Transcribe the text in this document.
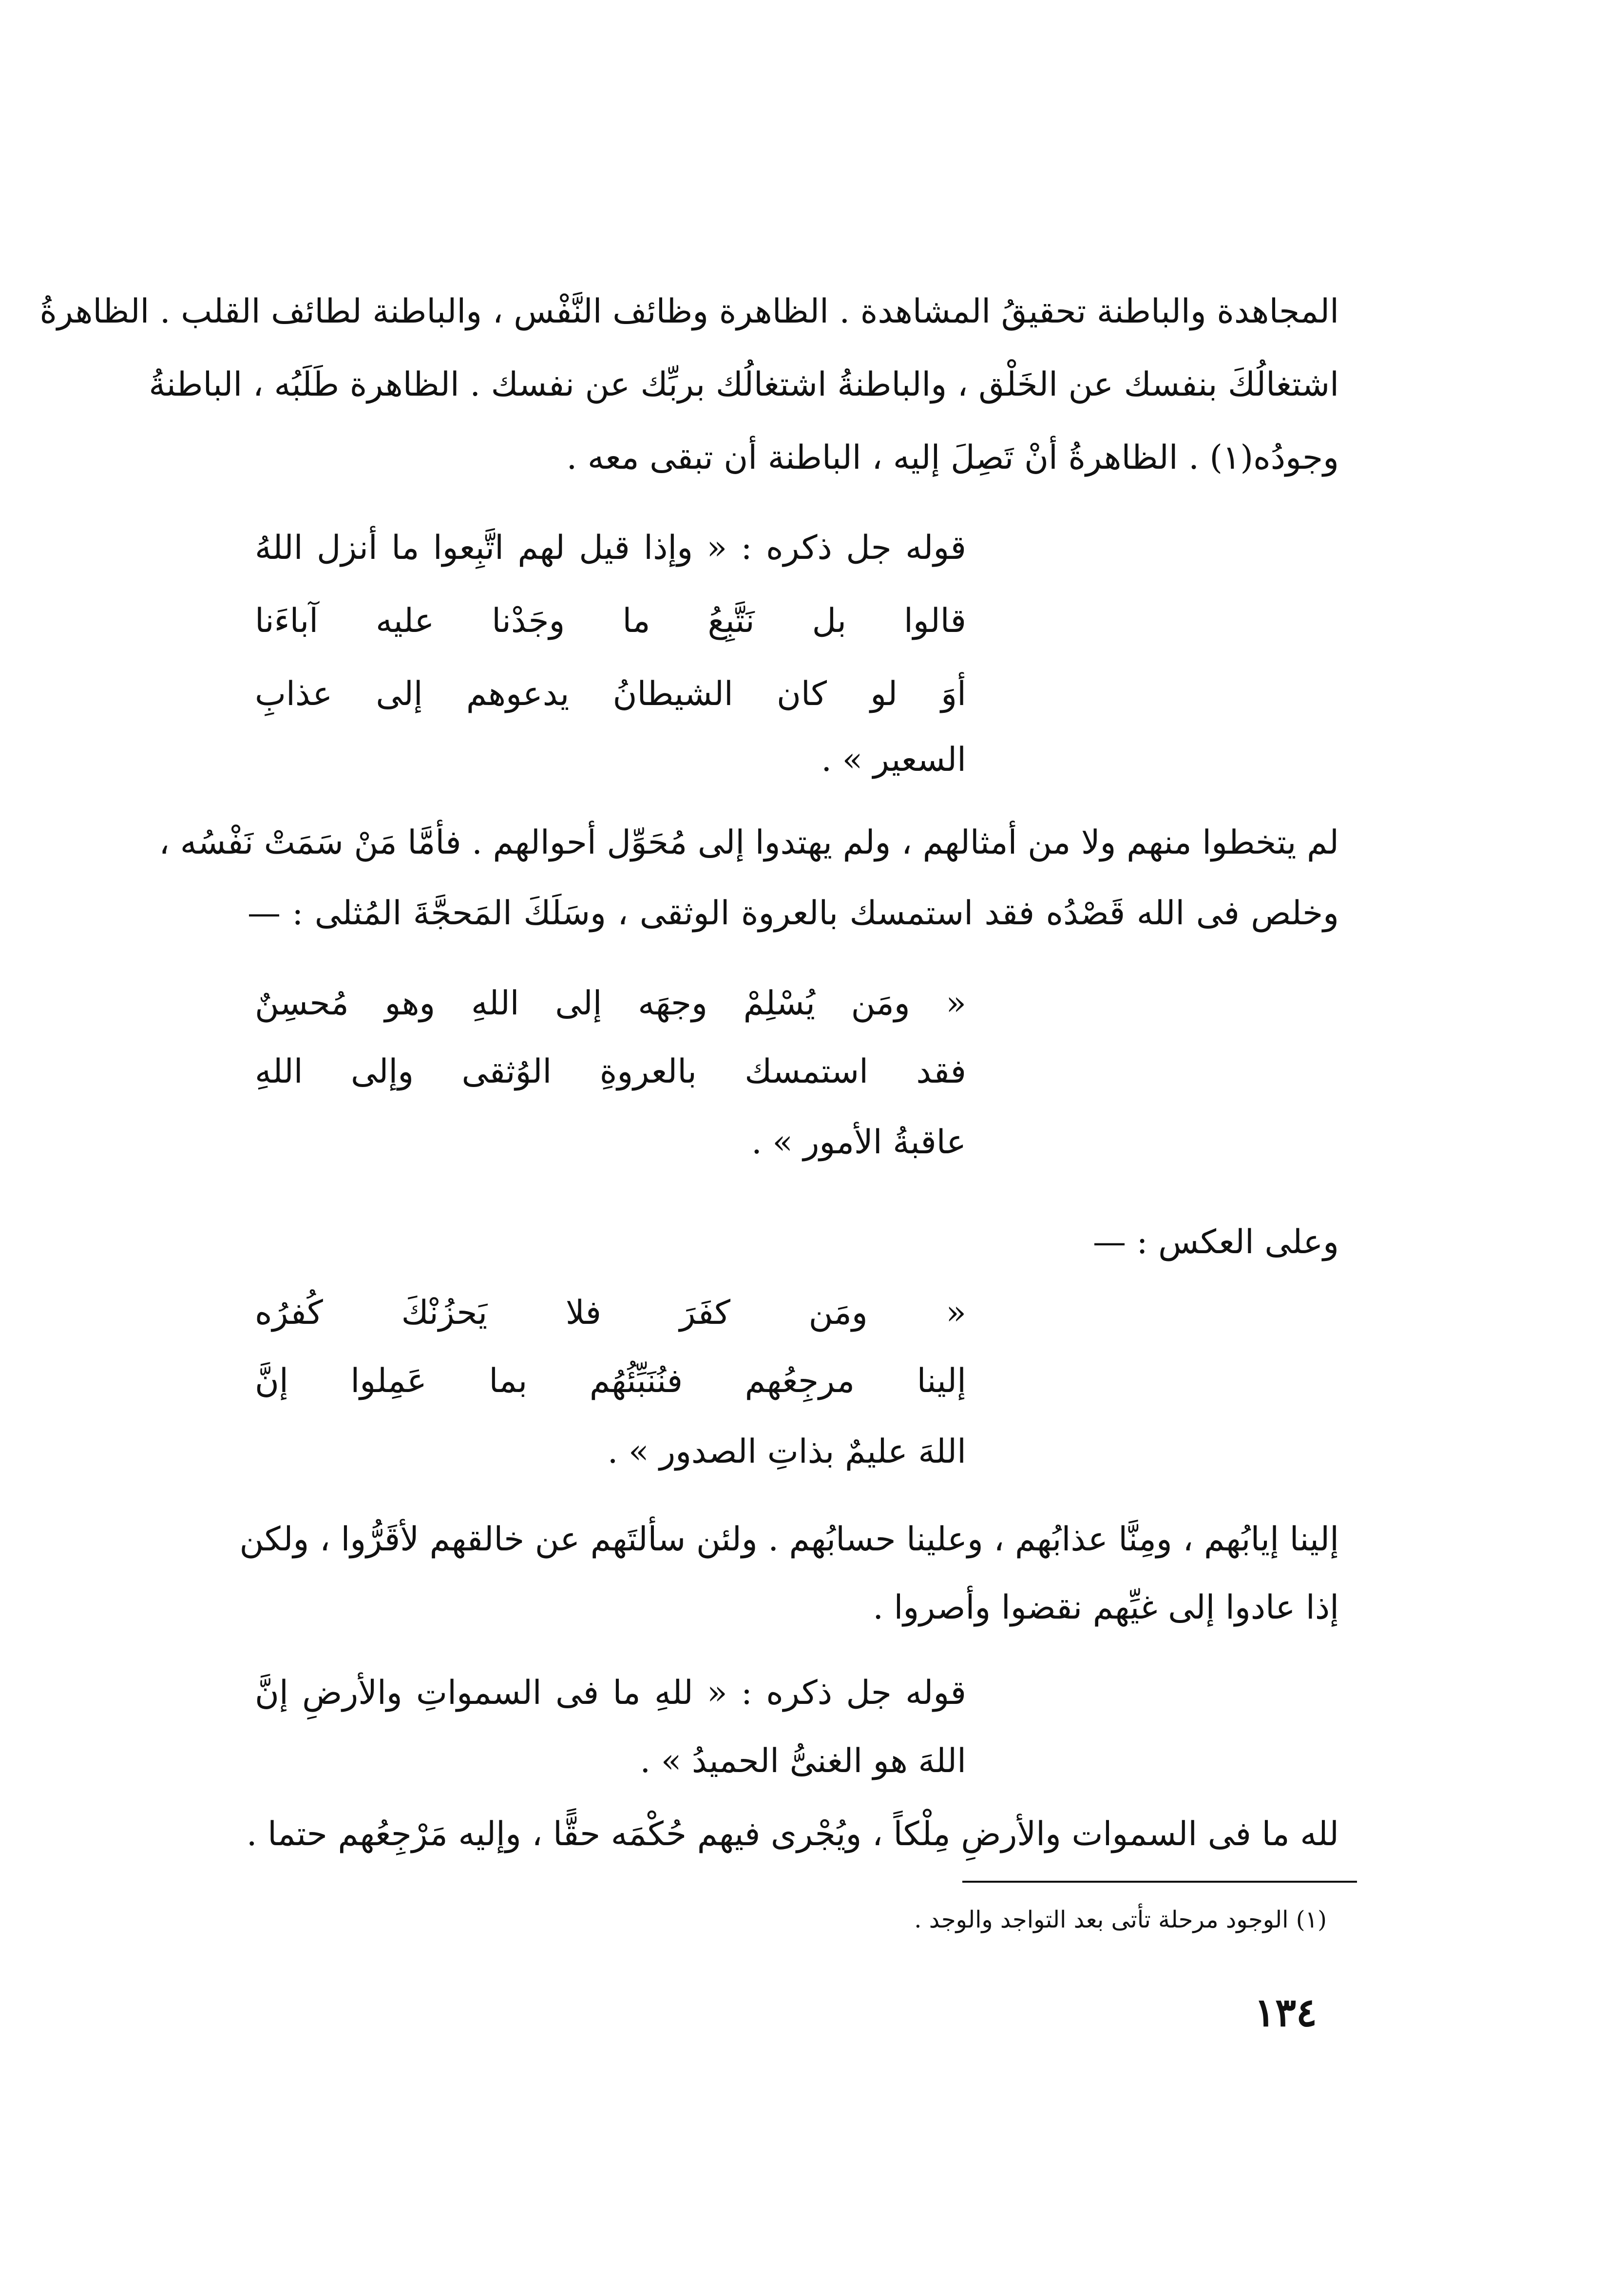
المجاهدة والباطنة تحقيقُ المشاهدة . الظاهرة وظائف النَّفْس ، والباطنة لطائف القلب . الظاهرةُ
اشتغالُكَ بنفسك عن الخَلْق ، والباطنةُ اشتغالُك بربِّك عن نفسك . الظاهرة طَلَبُه ، الباطنةُ
وجودُه(١) . الظاهرةُ أنْ تَصِلَ إليه ، الباطنة أن تبقى معه .
قوله جل ذكره : « وإذا قيل لهم اتَّبِعوا ما أنزل اللهُ
قالوا بل نَتَّبِعُ ما وجَدْنا عليه آباءَنا
أوَ لو كان الشيطانُ يدعوهم إلى عذابِ
السعير » .
لم يتخطوا منهم ولا من أمثالهم ، ولم يهتدوا إلى مُحَوِّل أحوالهم . فأمَّا مَنْ سَمَتْ نَفْسُه ،
وخلص فى الله قَصْدُه فقد استمسك بالعروة الوثقى ، وسَلَكَ المَحجَّةَ المُثلى : —
« ومَن يُسْلِمْ وجهَه إلى اللهِ وهو مُحسِنٌ
فقد استمسك بالعروةِ الوُثقى وإلى اللهِ
عاقبةُ الأمور » .
وعلى العكس : —
« ومَن كفَرَ فلا يَحزُنْكَ كُفرُه
إلينا مرجِعُهم فنُنَبِّئُهُم بما عَمِلوا إنَّ
اللهَ عليمٌ بذاتِ الصدور » .
إلينا إيابُهم ، ومِنَّا عذابُهم ، وعلينا حسابُهم . ولئن سألتَهم عن خالقهم لأقَرُّوا ، ولكن
إذا عادوا إلى غيِّهم نقضوا وأصروا .
قوله جل ذكره : « للهِ ما فى السمواتِ والأرضِ إنَّ
اللهَ هو الغنىُّ الحميدُ » .
لله ما فى السموات والأرضِ مِلْكاً ، ويُجْرى فيهم حُكْمَه حقًّا ، وإليه مَرْجِعُهم حتما .
(١) الوجود مرحلة تأتى بعد التواجد والوجد .
١٣٤
